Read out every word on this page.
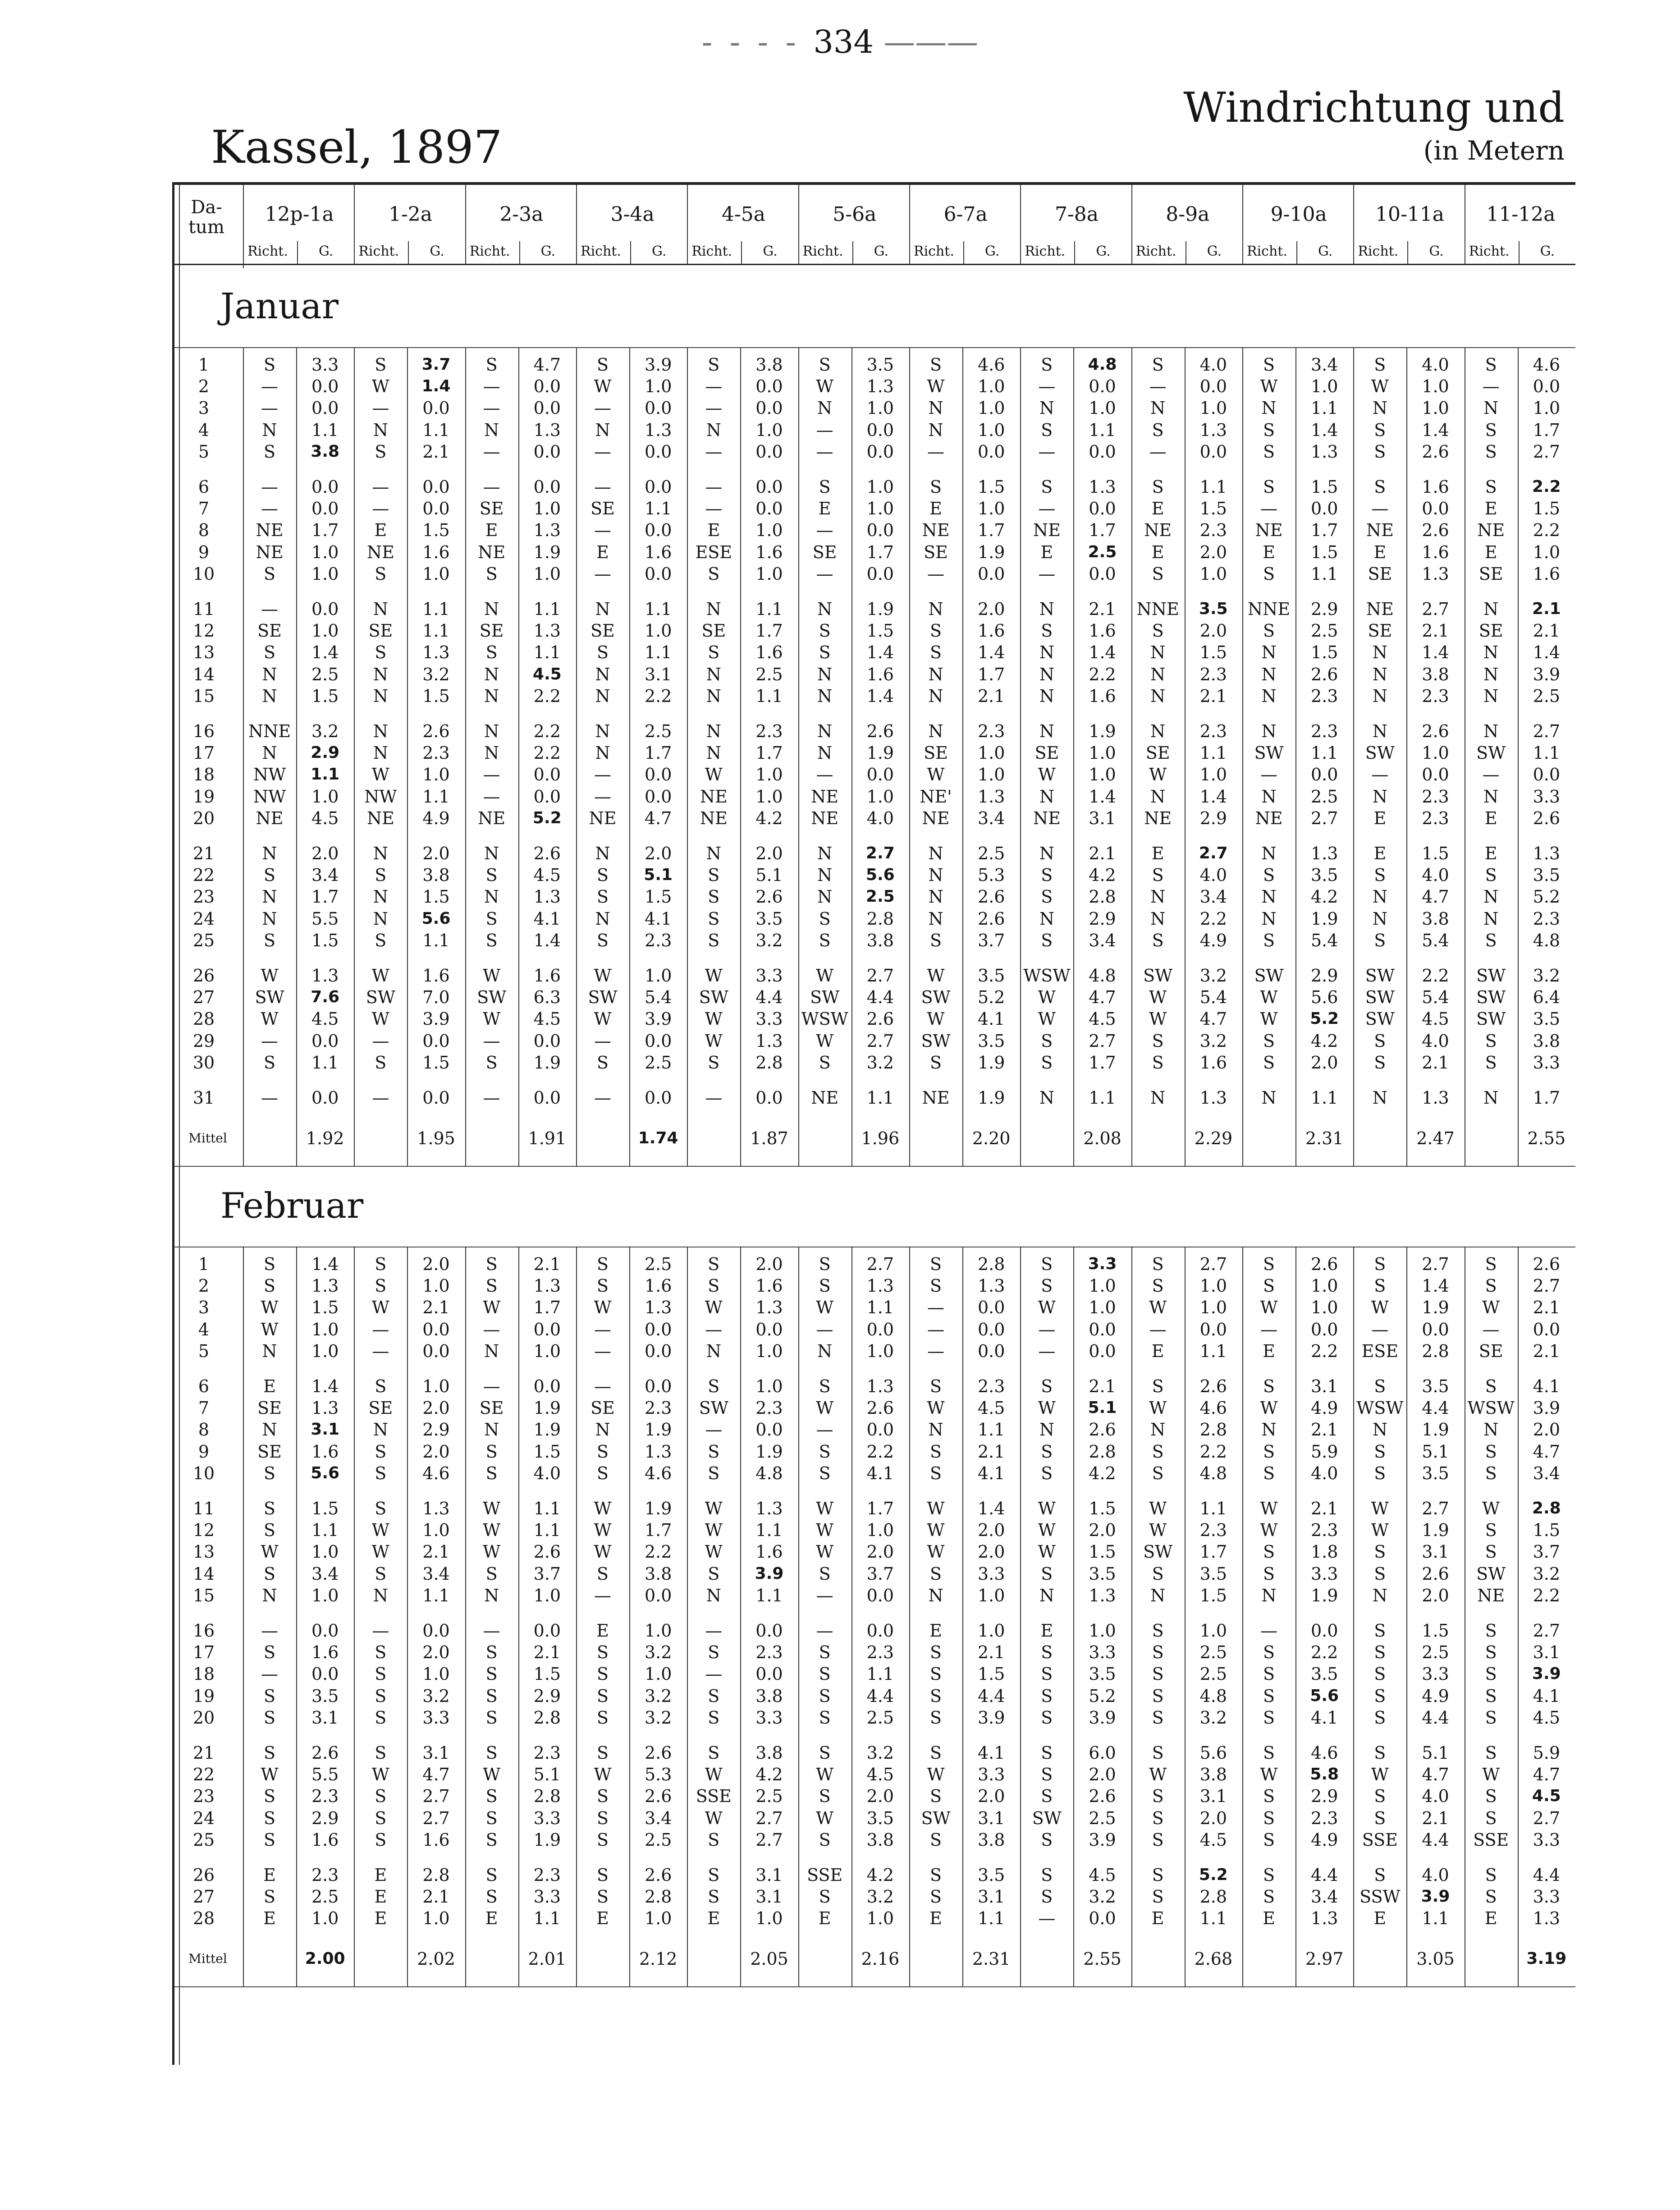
- - 334 ———
Kassel, 1897
Windrichtung und
(in Metern
Da-
tum
12p-1a
Richt. G.
1-2a
Richt. G.
2-3a
Richt. G.
3-4a
Richt. G.
4-5a
Richt. G.
5-6a
Richt. G.
6-7a
Richt. G.
7-8a
Richt. G.
8-9a
Richt. G.
9-10a
Richt. G.
10-11a
Richt. G.
11-12a
Richt. G.
Januar
1	S	3.3	S	3.7	S	4.7	S	3.9	S	3.8	S	3.5	S	4.6	S	4.8	S	4.0	S	3.4	S	4.0	S	4.6
2	—	0.0	W	1.4	—	0.0	W	1.0	—	0.0	W	1.3	W	1.0	—	0.0	—	0.0	W	1.0	W	1.0	—	0.0
3	—	0.0	—	0.0	—	0.0	—	0.0	—	0.0	N	1.0	N	1.0	N	1.0	N	1.0	N	1.1	N	1.0	N	1.0
4	N	1.1	N	1.1	N	1.3	N	1.3	N	1.0	—	0.0	N	1.0	S	1.1	S	1.3	S	1.4	S	1.4	S	1.7
5	S	3.8	S	2.1	—	0.0	—	0.0	—	0.0	—	0.0	—	0.0	—	0.0	—	0.0	S	1.3	S	2.6	S	2.7
6	—	0.0	—	0.0	—	0.0	—	0.0	—	0.0	S	1.0	S	1.5	S	1.3	S	1.1	S	1.5	S	1.6	S	2.2
7	—	0.0	—	0.0	SE	1.0	SE	1.1	—	0.0	E	1.0	E	1.0	—	0.0	E	1.5	—	0.0	—	0.0	E	1.5
8	NE	1.7	E	1.5	E	1.3	—	0.0	E	1.0	—	0.0	NE	1.7	NE	1.7	NE	2.3	NE	1.7	NE	2.6	NE	2.2
9	NE	1.0	NE	1.6	NE	1.9	E	1.6	ESE	1.6	SE	1.7	SE	1.9	E	2.5	E	2.0	E	1.5	E	1.6	E	1.0
10	S	1.0	S	1.0	S	1.0	—	0.0	S	1.0	—	0.0	—	0.0	—	0.0	S	1.0	S	1.1	SE	1.3	SE	1.6
11	—	0.0	N	1.1	N	1.1	N	1.1	N	1.1	N	1.9	N	2.0	N	2.1	NNE	3.5	NNE	2.9	NE	2.7	N	2.1
12	SE	1.0	SE	1.1	SE	1.3	SE	1.0	SE	1.7	S	1.5	S	1.6	S	1.6	S	2.0	S	2.5	SE	2.1	SE	2.1
13	S	1.4	S	1.3	S	1.1	S	1.1	S	1.6	S	1.4	S	1.4	N	1.4	N	1.5	N	1.5	N	1.4	N	1.4
14	N	2.5	N	3.2	N	4.5	N	3.1	N	2.5	N	1.6	N	1.7	N	2.2	N	2.3	N	2.6	N	3.8	N	3.9
15	N	1.5	N	1.5	N	2.2	N	2.2	N	1.1	N	1.4	N	2.1	N	1.6	N	2.1	N	2.3	N	2.3	N	2.5
16	NNE	3.2	N	2.6	N	2.2	N	2.5	N	2.3	N	2.6	N	2.3	N	1.9	N	2.3	N	2.3	N	2.6	N	2.7
17	N	2.9	N	2.3	N	2.2	N	1.7	N	1.7	N	1.9	SE	1.0	SE	1.0	SE	1.1	SW	1.1	SW	1.0	SW	1.1
18	NW	1.1	W	1.0	—	0.0	—	0.0	W	1.0	—	0.0	W	1.0	W	1.0	W	1.0	—	0.0	—	0.0	—	0.0
19	NW	1.0	NW	1.1	—	0.0	—	0.0	NE	1.0	NE	1.0	NE'	1.3	N	1.4	N	1.4	N	2.5	N	2.3	N	3.3
20	NE	4.5	NE	4.9	NE	5.2	NE	4.7	NE	4.2	NE	4.0	NE	3.4	NE	3.1	NE	2.9	NE	2.7	E	2.3	E	2.6
21	N	2.0	N	2.0	N	2.6	N	2.0	N	2.0	N	2.7	N	2.5	N	2.1	E	2.7	N	1.3	E	1.5	E	1.3
22	S	3.4	S	3.8	S	4.5	S	5.1	S	5.1	N	5.6	N	5.3	S	4.2	S	4.0	S	3.5	S	4.0	S	3.5
23	N	1.7	N	1.5	N	1.3	S	1.5	S	2.6	N	2.5	N	2.6	S	2.8	N	3.4	N	4.2	N	4.7	N	5.2
24	N	5.5	N	5.6	S	4.1	N	4.1	S	3.5	S	2.8	N	2.6	N	2.9	N	2.2	N	1.9	N	3.8	N	2.3
25	S	1.5	S	1.1	S	1.4	S	2.3	S	3.2	S	3.8	S	3.7	S	3.4	S	4.9	S	5.4	S	5.4	S	4.8
26	W	1.3	W	1.6	W	1.6	W	1.0	W	3.3	W	2.7	W	3.5	WSW	4.8	SW	3.2	SW	2.9	SW	2.2	SW	3.2
27	SW	7.6	SW	7.0	SW	6.3	SW	5.4	SW	4.4	SW	4.4	SW	5.2	W	4.7	W	5.4	W	5.6	SW	5.4	SW	6.4
28	W	4.5	W	3.9	W	4.5	W	3.9	W	3.3	WSW	2.6	W	4.1	W	4.5	W	4.7	W	5.2	SW	4.5	SW	3.5
29	—	0.0	—	0.0	—	0.0	—	0.0	W	1.3	W	2.7	SW	3.5	S	2.7	S	3.2	S	4.2	S	4.0	S	3.8
30	S	1.1	S	1.5	S	1.9	S	2.5	S	2.8	S	3.2	S	1.9	S	1.7	S	1.6	S	2.0	S	2.1	S	3.3
31	—	0.0	—	0.0	—	0.0	—	0.0	—	0.0	NE	1.1	NE	1.9	N	1.1	N	1.3	N	1.1	N	1.3	N	1.7
Mittel	1.92	1.95	1.91	1.74	1.87	1.96	2.20	2.08	2.29	2.31	2.47	2.55
Februar
1	S	1.4	S	2.0	S	2.1	S	2.5	S	2.0	S	2.7	S	2.8	S	3.3	S	2.7	S	2.6	S	2.7	S	2.6
2	S	1.3	S	1.0	S	1.3	S	1.6	S	1.6	S	1.3	S	1.3	S	1.0	S	1.0	S	1.0	S	1.4	S	2.7
3	W	1.5	W	2.1	W	1.7	W	1.3	W	1.3	W	1.1	—	0.0	W	1.0	W	1.0	W	1.0	W	1.9	W	2.1
4	W	1.0	—	0.0	—	0.0	—	0.0	—	0.0	—	0.0	—	0.0	—	0.0	—	0.0	—	0.0	—	0.0	—	0.0
5	N	1.0	—	0.0	N	1.0	—	0.0	N	1.0	N	1.0	—	0.0	—	0.0	E	1.1	E	2.2	ESE	2.8	SE	2.1
6	E	1.4	S	1.0	—	0.0	—	0.0	S	1.0	S	1.3	S	2.3	S	2.1	S	2.6	S	3.1	S	3.5	S	4.1
7	SE	1.3	SE	2.0	SE	1.9	SE	2.3	SW	2.3	W	2.6	W	4.5	W	5.1	W	4.6	W	4.9	WSW	4.4	WSW	3.9
8	N	3.1	N	2.9	N	1.9	N	1.9	—	0.0	—	0.0	N	1.1	N	2.6	N	2.8	N	2.1	N	1.9	N	2.0
9	SE	1.6	S	2.0	S	1.5	S	1.3	S	1.9	S	2.2	S	2.1	S	2.8	S	2.2	S	5.9	S	5.1	S	4.7
10	S	5.6	S	4.6	S	4.0	S	4.6	S	4.8	S	4.1	S	4.1	S	4.2	S	4.8	S	4.0	S	3.5	S	3.4
11	S	1.5	S	1.3	W	1.1	W	1.9	W	1.3	W	1.7	W	1.4	W	1.5	W	1.1	W	2.1	W	2.7	W	2.8
12	S	1.1	W	1.0	W	1.1	W	1.7	W	1.1	W	1.0	W	2.0	W	2.0	W	2.3	W	2.3	W	1.9	S	1.5
13	W	1.0	W	2.1	W	2.6	W	2.2	W	1.6	W	2.0	W	2.0	W	1.5	SW	1.7	S	1.8	S	3.1	S	3.7
14	S	3.4	S	3.4	S	3.7	S	3.8	S	3.9	S	3.7	S	3.3	S	3.5	S	3.5	S	3.3	S	2.6	SW	3.2
15	N	1.0	N	1.1	N	1.0	—	0.0	N	1.1	—	0.0	N	1.0	N	1.3	N	1.5	N	1.9	N	2.0	NE	2.2
16	—	0.0	—	0.0	—	0.0	E	1.0	—	0.0	—	0.0	E	1.0	E	1.0	S	1.0	—	0.0	S	1.5	S	2.7
17	S	1.6	S	2.0	S	2.1	S	3.2	S	2.3	S	2.3	S	2.1	S	3.3	S	2.5	S	2.2	S	2.5	S	3.1
18	—	0.0	S	1.0	S	1.5	S	1.0	—	0.0	S	1.1	S	1.5	S	3.5	S	2.5	S	3.5	S	3.3	S	3.9
19	S	3.5	S	3.2	S	2.9	S	3.2	S	3.8	S	4.4	S	4.4	S	5.2	S	4.8	S	5.6	S	4.9	S	4.1
20	S	3.1	S	3.3	S	2.8	S	3.2	S	3.3	S	2.5	S	3.9	S	3.9	S	3.2	S	4.1	S	4.4	S	4.5
21	S	2.6	S	3.1	S	2.3	S	2.6	S	3.8	S	3.2	S	4.1	S	6.0	S	5.6	S	4.6	S	5.1	S	5.9
22	W	5.5	W	4.7	W	5.1	W	5.3	W	4.2	W	4.5	W	3.3	S	2.0	W	3.8	W	5.8	W	4.7	W	4.7
23	S	2.3	S	2.7	S	2.8	S	2.6	SSE	2.5	S	2.0	S	2.0	S	2.6	S	3.1	S	2.9	S	4.0	S	4.5
24	S	2.9	S	2.7	S	3.3	S	3.4	W	2.7	W	3.5	SW	3.1	SW	2.5	S	2.0	S	2.3	S	2.1	S	2.7
25	S	1.6	S	1.6	S	1.9	S	2.5	S	2.7	S	3.8	S	3.8	S	3.9	S	4.5	S	4.9	SSE	4.4	SSE	3.3
26	E	2.3	E	2.8	S	2.3	S	2.6	S	3.1	SSE	4.2	S	3.5	S	4.5	S	5.2	S	4.4	S	4.0	S	4.4
27	S	2.5	E	2.1	S	3.3	S	2.8	S	3.1	S	3.2	S	3.1	S	3.2	S	2.8	S	3.4	SSW	3.9	S	3.3
28	E	1.0	E	1.0	E	1.1	E	1.0	E	1.0	E	1.0	E	1.1	—	0.0	E	1.1	E	1.3	E	1.1	E	1.3
Mittel	2.00	2.02	2.01	2.12	2.05	2.16	2.31	2.55	2.68	2.97	3.05	3.19
